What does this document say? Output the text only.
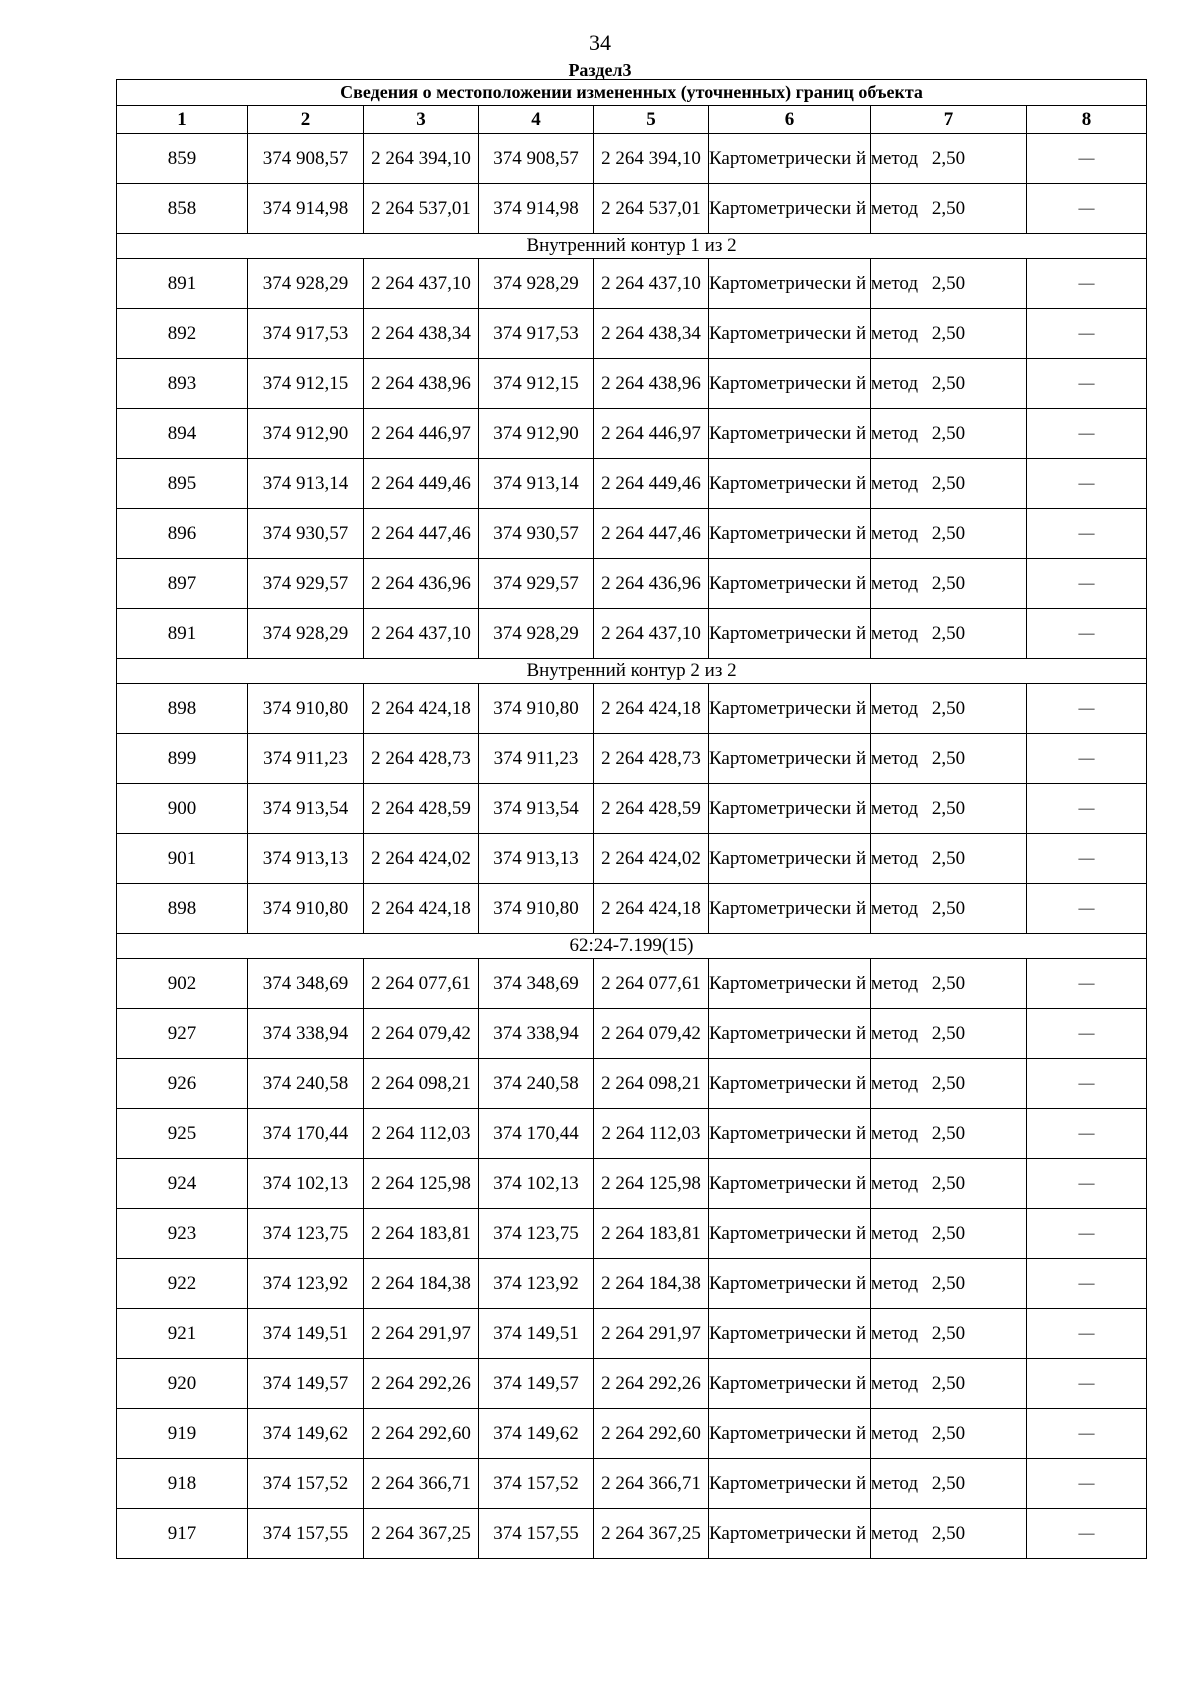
34
Раздел3
Сведения о местоположении измененных (уточненных) границ объекта							
1	2	3	4	5	6	7	8
859	374 908,57	2 264 394,10	374 908,57	2 264 394,10	Картометрически й метод	2,50	—
858	374 914,98	2 264 537,01	374 914,98	2 264 537,01	Картометрически й метод	2,50	—
Внутренний контур 1 из 2							
891	374 928,29	2 264 437,10	374 928,29	2 264 437,10	Картометрически й метод	2,50	—
892	374 917,53	2 264 438,34	374 917,53	2 264 438,34	Картометрически й метод	2,50	—
893	374 912,15	2 264 438,96	374 912,15	2 264 438,96	Картометрически й метод	2,50	—
894	374 912,90	2 264 446,97	374 912,90	2 264 446,97	Картометрически й метод	2,50	—
895	374 913,14	2 264 449,46	374 913,14	2 264 449,46	Картометрически й метод	2,50	—
896	374 930,57	2 264 447,46	374 930,57	2 264 447,46	Картометрически й метод	2,50	—
897	374 929,57	2 264 436,96	374 929,57	2 264 436,96	Картометрически й метод	2,50	—
891	374 928,29	2 264 437,10	374 928,29	2 264 437,10	Картометрически й метод	2,50	—
Внутренний контур 2 из 2							
898	374 910,80	2 264 424,18	374 910,80	2 264 424,18	Картометрически й метод	2,50	—
899	374 911,23	2 264 428,73	374 911,23	2 264 428,73	Картометрически й метод	2,50	—
900	374 913,54	2 264 428,59	374 913,54	2 264 428,59	Картометрически й метод	2,50	—
901	374 913,13	2 264 424,02	374 913,13	2 264 424,02	Картометрически й метод	2,50	—
898	374 910,80	2 264 424,18	374 910,80	2 264 424,18	Картометрически й метод	2,50	—
62:24-7.199(15)							
902	374 348,69	2 264 077,61	374 348,69	2 264 077,61	Картометрически й метод	2,50	—
927	374 338,94	2 264 079,42	374 338,94	2 264 079,42	Картометрически й метод	2,50	—
926	374 240,58	2 264 098,21	374 240,58	2 264 098,21	Картометрически й метод	2,50	—
925	374 170,44	2 264 112,03	374 170,44	2 264 112,03	Картометрически й метод	2,50	—
924	374 102,13	2 264 125,98	374 102,13	2 264 125,98	Картометрически й метод	2,50	—
923	374 123,75	2 264 183,81	374 123,75	2 264 183,81	Картометрически й метод	2,50	—
922	374 123,92	2 264 184,38	374 123,92	2 264 184,38	Картометрически й метод	2,50	—
921	374 149,51	2 264 291,97	374 149,51	2 264 291,97	Картометрически й метод	2,50	—
920	374 149,57	2 264 292,26	374 149,57	2 264 292,26	Картометрически й метод	2,50	—
919	374 149,62	2 264 292,60	374 149,62	2 264 292,60	Картометрически й метод	2,50	—
918	374 157,52	2 264 366,71	374 157,52	2 264 366,71	Картометрически й метод	2,50	—
917	374 157,55	2 264 367,25	374 157,55	2 264 367,25	Картометрически й метод	2,50	—
